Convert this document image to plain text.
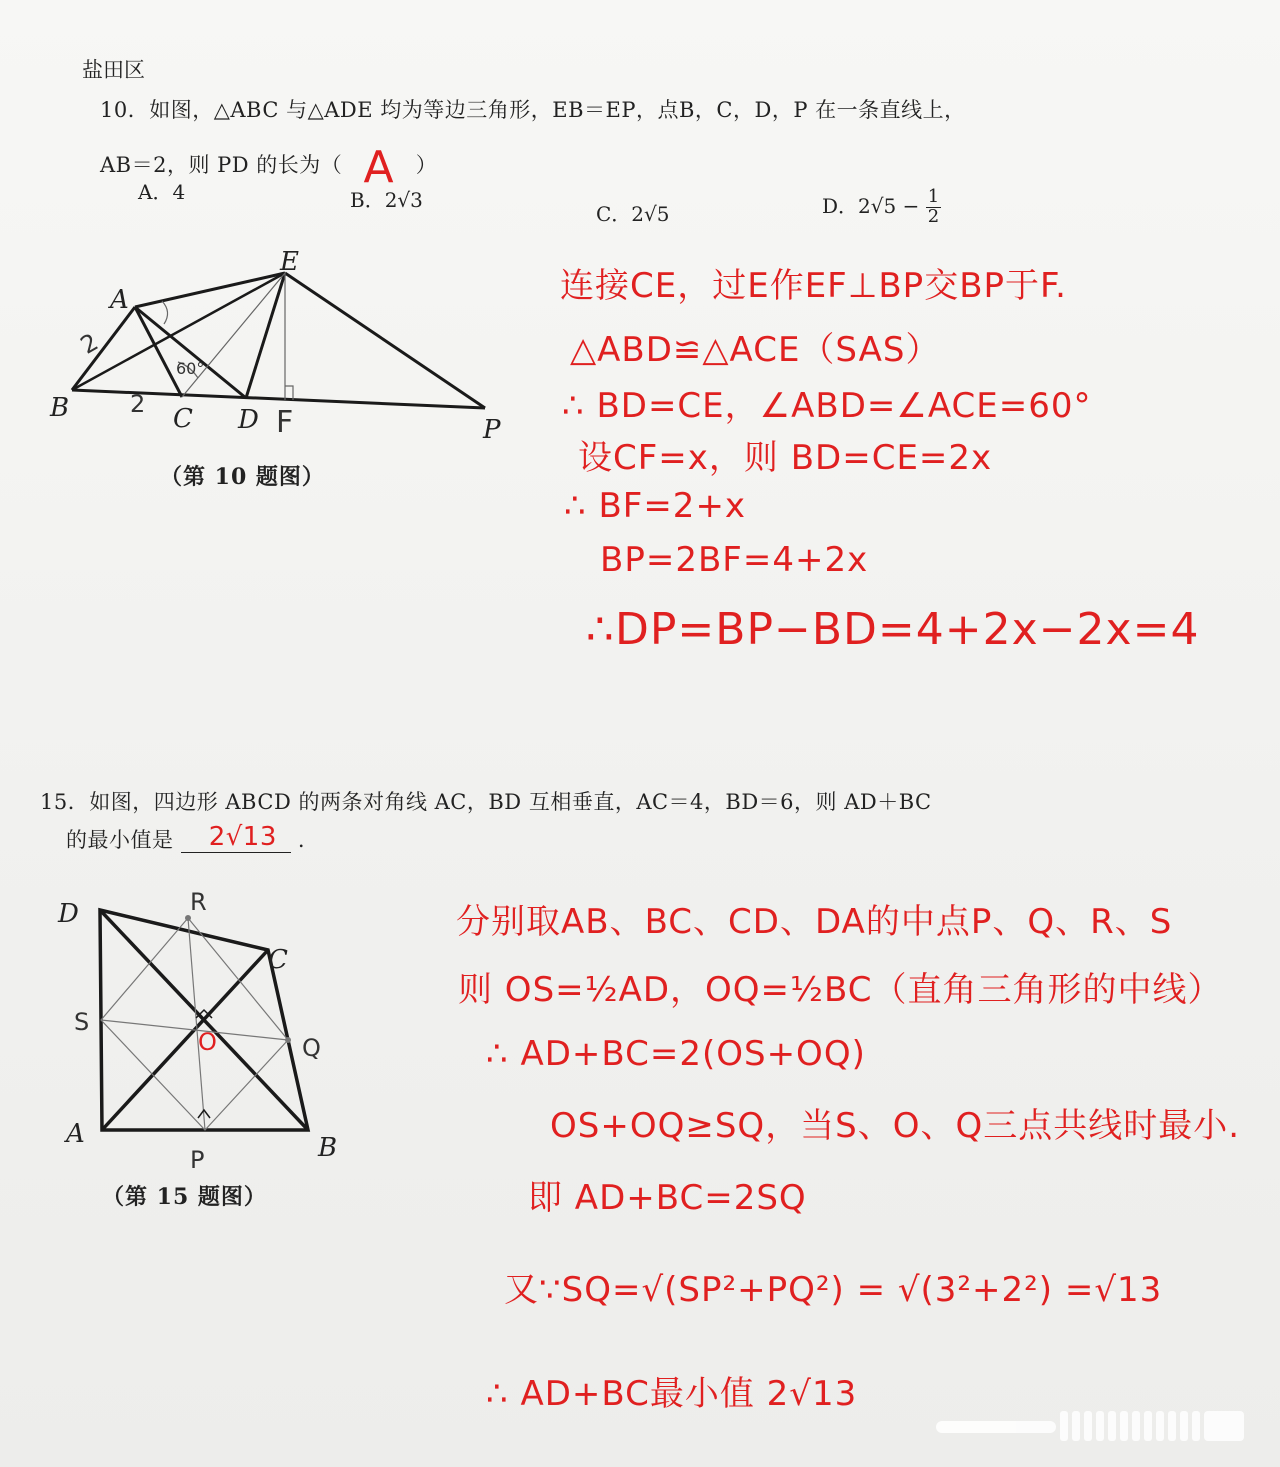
盐田区
10．如图，△ABC 与△ADE 均为等边三角形，EB＝EP，点B，C，D，P 在一条直线上，
AB＝2，则 PD 的长为（ A ）
A．4	B．2√3
C．2√5	D．$2√5 - \frac{1}{2}$
A
B	C D
E
P
F
2
2
60°
（第 10 题图）
连接CE，过E作EF⊥BP交BP于F.
△ABD≌△ACE（SAS）
∴ BD=CE，∠ABD=∠ACE=60°
设CF=x，则 BD=CE=2x
∴ BF=2+x
BP=2BF=4+2x
∴DP=BP−BD=4+2x−2x=4
15．如图，四边形 ABCD 的两条对角线 AC，BD 互相垂直，AC＝4，BD＝6，则 AD＋BC
的最小值是 2√13 .
D
C
A	B
O
P
Q
R
S
（第 15 题图）
分别取AB、BC、CD、DA的中点P、Q、R、S
则 OS=½AD，OQ=½BC（直角三角形的中线）
∴ AD+BC=2(OS+OQ)
OS+OQ≥SQ，当S、O、Q三点共线时最小.
即 AD+BC=2SQ
又∵SQ=√(SP²+PQ²) = √(3²+2²) =√13
∴ AD+BC最小值 2√13
